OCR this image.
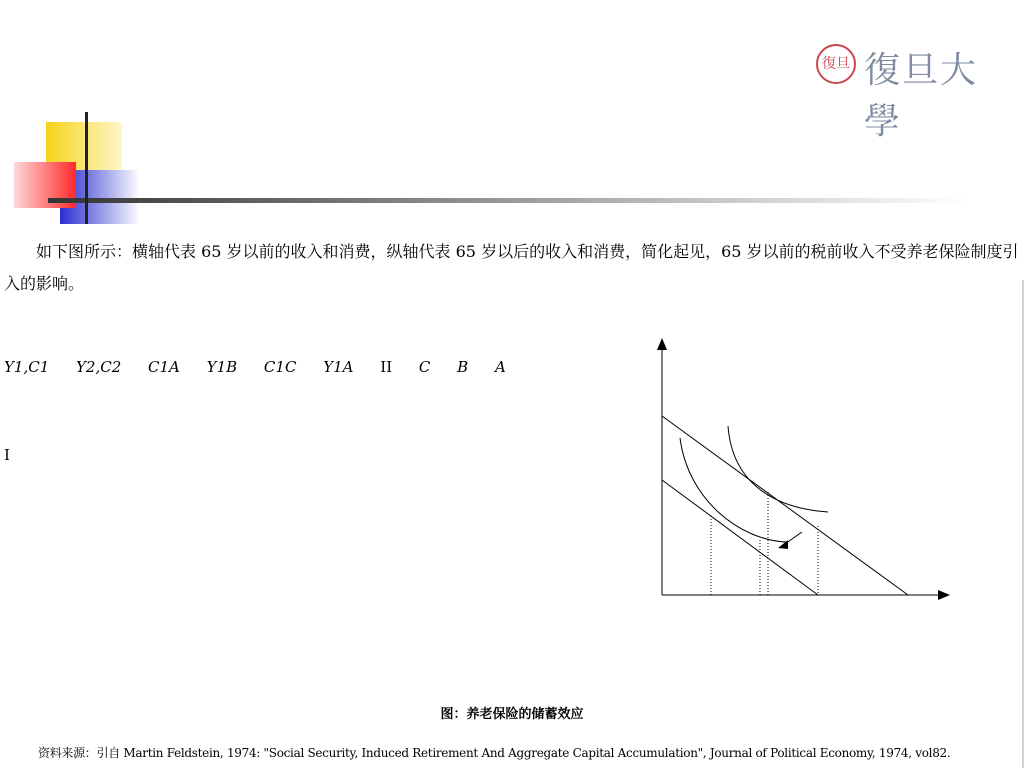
復旦 復旦大學
如下图所示：横轴代表 65 岁以前的收入和消费，纵轴代表 65 岁以后的收入和消费，简化起见，65 岁以前的税前收入不受养老保险制度引入的影响。
Y1,C1 Y2,C2 C1A Y1B C1C Y1A II C B A
I
图：养老保险的储蓄效应
资料来源：引自 Martin Feldstein, 1974: "Social Security, Induced Retirement And Aggregate Capital Accumulation", Journal of Political Economy, 1974, vol82.
